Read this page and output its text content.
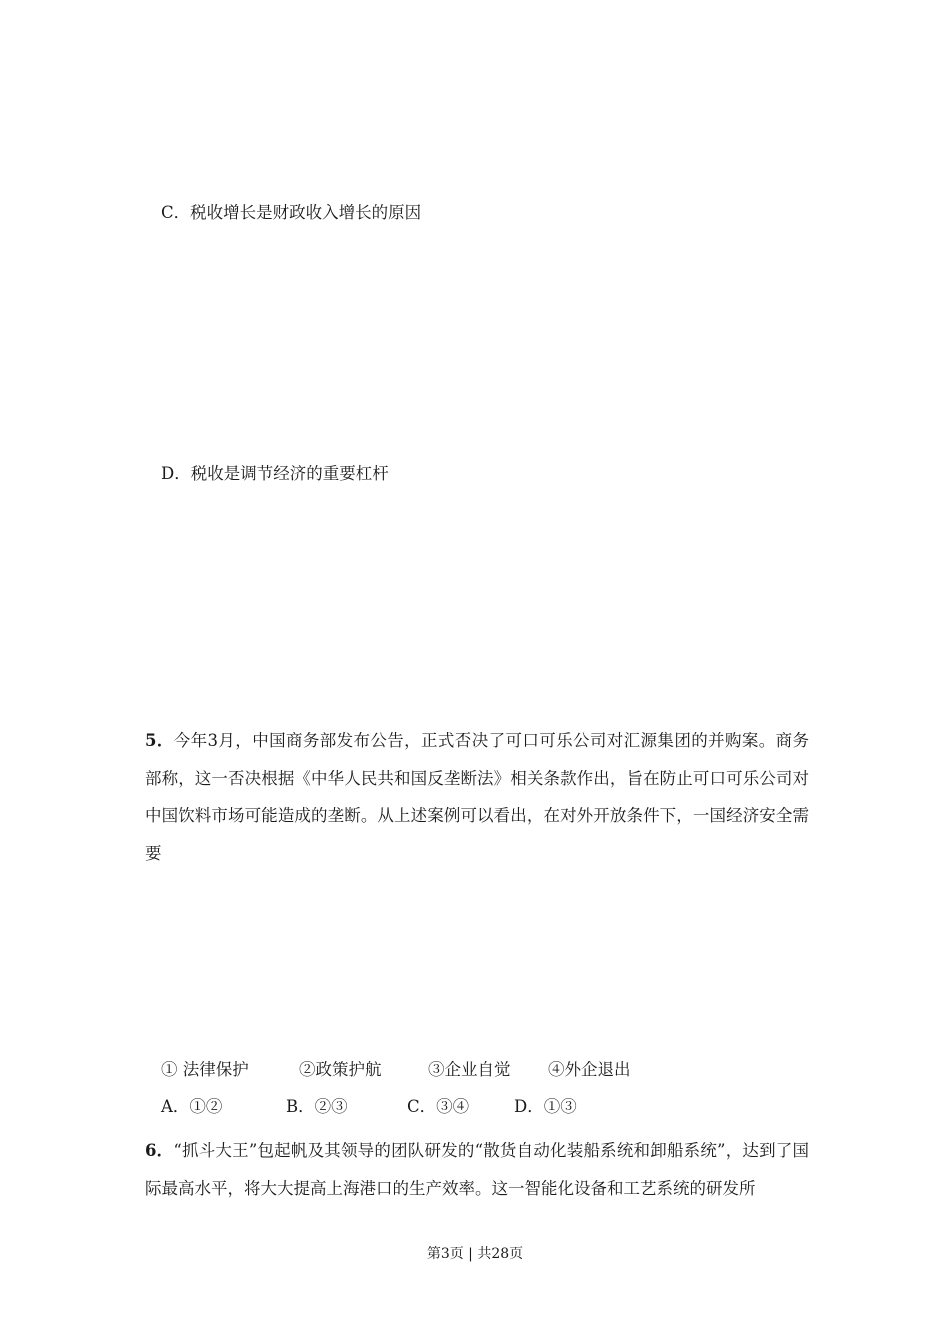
C．税收增长是财政收入增长的原因
D．税收是调节经济的重要杠杆
5．今年3月，中国商务部发布公告，正式否决了可口可乐公司对汇源集团的并购案。商务部称，这一否决根据《中华人民共和国反垄断法》相关条款作出，旨在防止可口可乐公司对中国饮料市场可能造成的垄断。从上述案例可以看出，在对外开放条件下，一国经济安全需要
① 法律保护	②政策护航	③企业自觉 ④外企退出
A．①②	B．②③	C．③④	D．①③
6．“抓斗大王”包起帆及其领导的团队研发的“散货自动化装船系统和卸船系统”，达到了国际最高水平，将大大提高上海港口的生产效率。这一智能化设备和工艺系统的研发所
第3页 | 共28页
